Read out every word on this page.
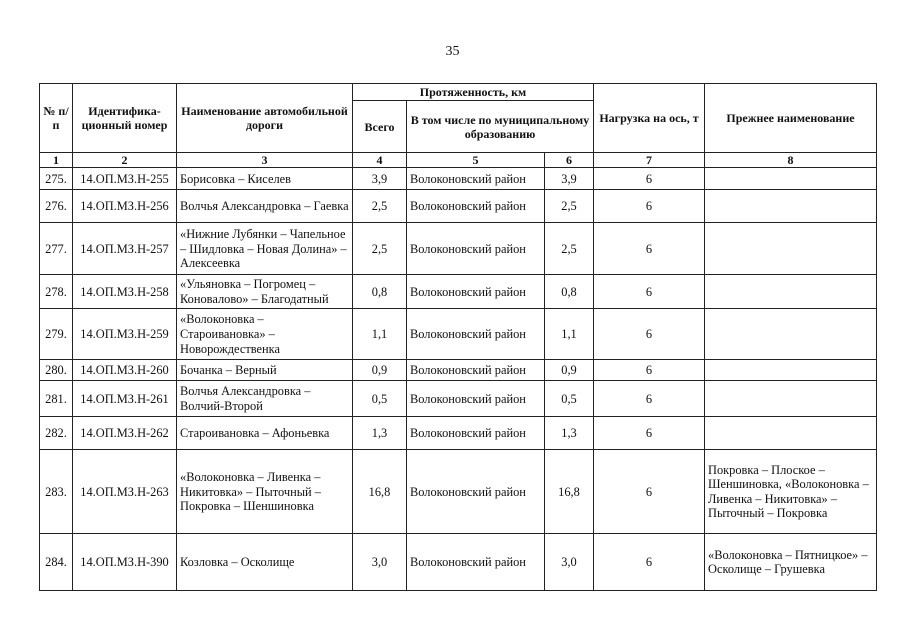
35
№ п/п	Идентифика-ционный номер	Наименование автомобильной дороги	Протяженность, км			Нагрузка на ось, т	Прежнее наименование
			Всего	В том числе по муниципальному образованию			
1	2	3	4	5	6	7	8
275.	14.ОП.МЗ.Н-255	Борисовка – Киселев	3,9	Волоконовский район	3,9	6	
276.	14.ОП.МЗ.Н-256	Волчья Александровка – Гаевка	2,5	Волоконовский район	2,5	6	
277.	14.ОП.МЗ.Н-257	«Нижние Лубянки – Чапельное – Шидловка – Новая Долина» – Алексеевка	2,5	Волоконовский район	2,5	6	
278.	14.ОП.МЗ.Н-258	«Ульяновка – Погромец – Коновалово» – Благодатный	0,8	Волоконовский район	0,8	6	
279.	14.ОП.МЗ.Н-259	«Волоконовка – Староивановка» – Новорождественка	1,1	Волоконовский район	1,1	6	
280.	14.ОП.МЗ.Н-260	Бочанка – Верный	0,9	Волоконовский район	0,9	6	
281.	14.ОП.МЗ.Н-261	Волчья Александровка – Волчий-Второй	0,5	Волоконовский район	0,5	6	
282.	14.ОП.МЗ.Н-262	Староивановка – Афоньевка	1,3	Волоконовский район	1,3	6	
283.	14.ОП.МЗ.Н-263	«Волоконовка – Ливенка – Никитовка» – Пыточный – Покровка – Шеншиновка	16,8	Волоконовский район	16,8	6	Покровка – Плоское – Шеншиновка, «Волоконовка – Ливенка – Никитовка» – Пыточный – Покровка
284.	14.ОП.МЗ.Н-390	Козловка – Осколище	3,0	Волоконовский район	3,0	6	«Волоконовка – Пятницкое» – Осколище – Грушевка
